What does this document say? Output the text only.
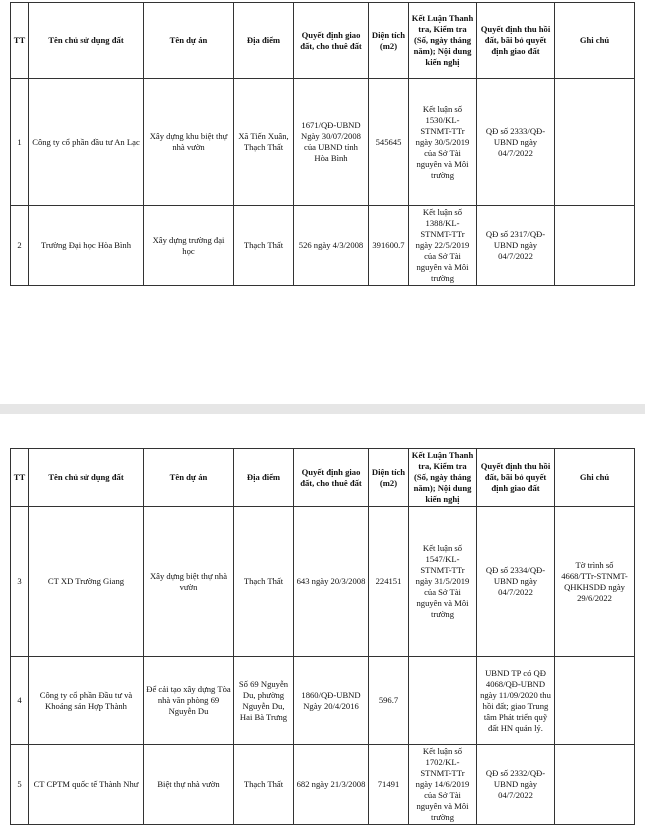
TT	Tên chủ sử dụng đất	Tên dự án	Địa điểm	Quyết định giao đất, cho thuê đất	Diện tích (m2)	Kết Luận Thanh tra, Kiểm tra (Số, ngày tháng năm); Nội dung kiến nghị	Quyết định thu hồi đất, bãi bỏ quyết định giao đất	Ghi chú
1	Công ty cổ phần đầu tư An Lạc	Xây dựng khu biệt thự nhà vườn	Xã Tiến Xuân, Thạch Thất	1671/QĐ-UBND Ngày 30/07/2008 của UBND tỉnh Hòa Bình	545645	Kết luận số 1530/KL-STNMT-TTr ngày 30/5/2019 của Sở Tài nguyên và Môi trường	QĐ số 2333/QĐ-UBND ngày 04/7/2022	
2	Trường Đại học Hòa Bình	Xây dựng trường đại học	Thạch Thất	526 ngày 4/3/2008	391600.7	Kết luận số 1388/KL-STNMT-TTr ngày 22/5/2019 của Sở Tài nguyên và Môi trường	QĐ số 2317/QĐ-UBND ngày 04/7/2022	
TT	Tên chủ sử dụng đất	Tên dự án	Địa điểm	Quyết định giao đất, cho thuê đất	Diện tích (m2)	Kết Luận Thanh tra, Kiểm tra (Số, ngày tháng năm); Nội dung kiến nghị	Quyết định thu hồi đất, bãi bỏ quyết định giao đất	Ghi chú
3	CT XD Trường Giang	Xây dựng biệt thự nhà vườn	Thạch Thất	643 ngày 20/3/2008	224151	Kết luận số 1547/KL-STNMT-TTr ngày 31/5/2019 của Sở Tài nguyên và Môi trường	QĐ số 2334/QĐ-UBND ngày 04/7/2022	Tờ trình số 4668/TTr-STNMT-QHKHSDĐ ngày 29/6/2022
4	Công ty cổ phần Đầu tư và Khoáng sản Hợp Thành	Để cải tạo xây dựng Tòa nhà văn phòng 69 Nguyễn Du	Số 69 Nguyễn Du, phường Nguyễn Du, Hai Bà Trưng	1860/QĐ-UBND Ngày 20/4/2016	596.7		UBND TP có QĐ 4068/QĐ-UBND ngày 11/09/2020 thu hồi đất; giao Trung tâm Phát triển quỹ đất HN quản lý.	
5	CT CPTM quốc tế Thành Như	Biệt thự nhà vườn	Thạch Thất	682 ngày 21/3/2008	71491	Kết luận số 1702/KL-STNMT-TTr ngày 14/6/2019 của Sở Tài nguyên và Môi trường	QĐ số 2332/QĐ-UBND ngày 04/7/2022	
